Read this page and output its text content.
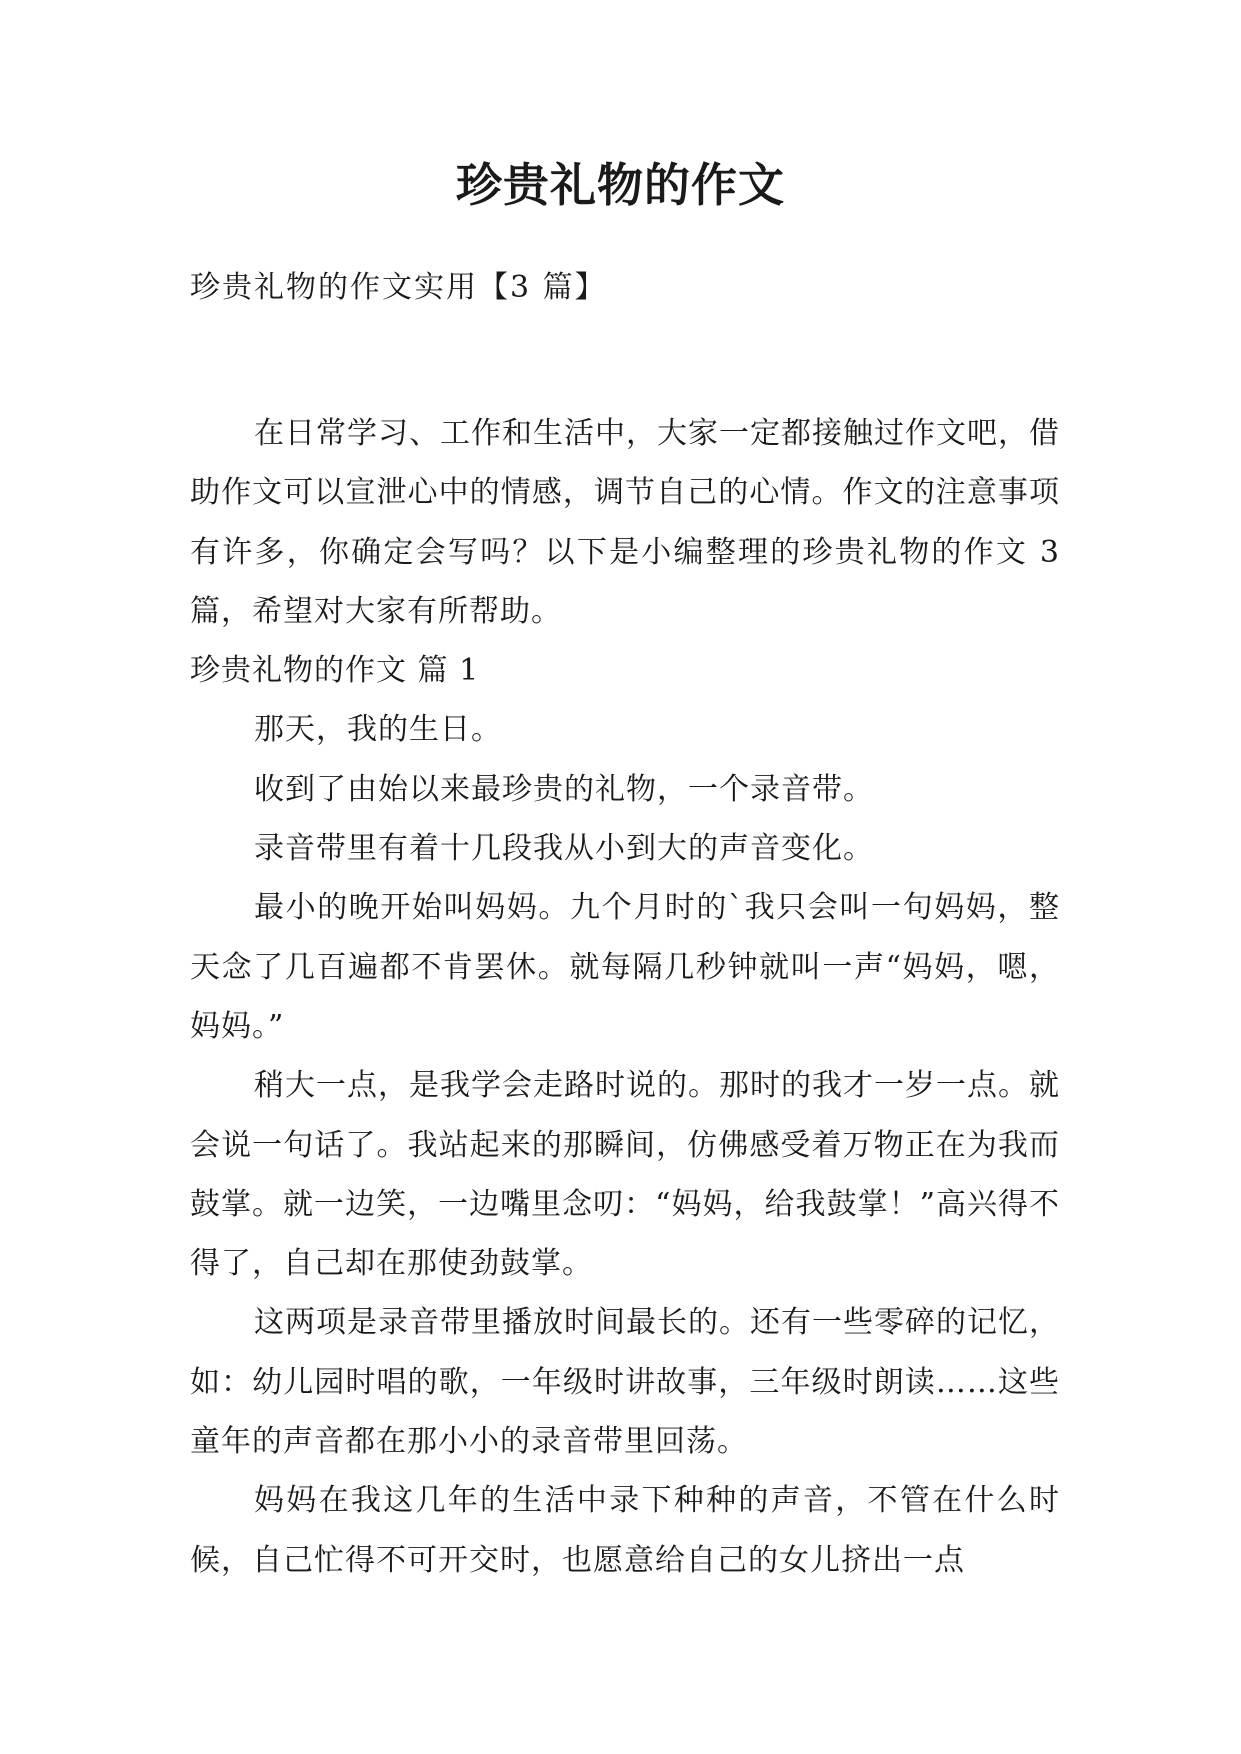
珍贵礼物的作文
珍贵礼物的作文实用【3 篇】

在日常学习、工作和生活中，大家一定都接触过作文吧，借助作文可以宣泄心中的情感，调节自己的心情。作文的注意事项有许多，你确定会写吗？以下是小编整理的珍贵礼物的作文 3 篇，希望对大家有所帮助。

珍贵礼物的作文 篇 1

那天，我的生日。

收到了由始以来最珍贵的礼物，一个录音带。

录音带里有着十几段我从小到大的声音变化。

最小的晚开始叫妈妈。九个月时的`我只会叫一句妈妈，整天念了几百遍都不肯罢休。就每隔几秒钟就叫一声“妈妈，嗯，妈妈。”

稍大一点，是我学会走路时说的。那时的我才一岁一点。就会说一句话了。我站起来的那瞬间，仿佛感受着万物正在为我而鼓掌。就一边笑，一边嘴里念叨：“妈妈，给我鼓掌！”高兴得不得了，自己却在那使劲鼓掌。

这两项是录音带里播放时间最长的。还有一些零碎的记忆，如：幼儿园时唱的歌，一年级时讲故事，三年级时朗读……这些童年的声音都在那小小的录音带里回荡。

妈妈在我这几年的生活中录下种种的声音，不管在什么时候，自己忙得不可开交时，也愿意给自己的女儿挤出一点
